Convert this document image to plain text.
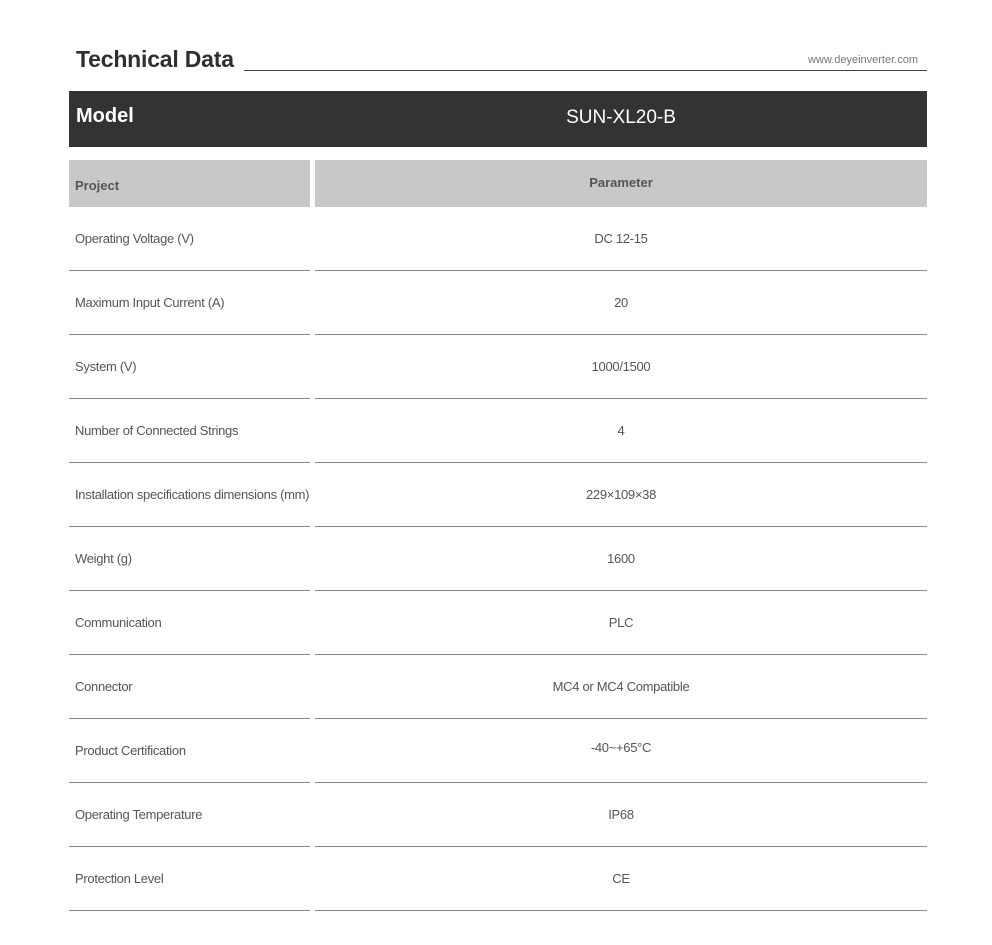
Technical Data	www.deyeinverter.com
Model	SUN-XL20-B
Project	Parameter
Operating Voltage (V)	DC 12-15
Maximum Input Current (A)	20
System (V)	1000/1500
Number of Connected Strings	4
Installation specifications dimensions (mm)	229×109×38
Weight (g)	1600
Communication	PLC
Connector	MC4 or MC4 Compatible
Product Certification	-40~+65°C
Operating Temperature	IP68
Protection Level	CE
